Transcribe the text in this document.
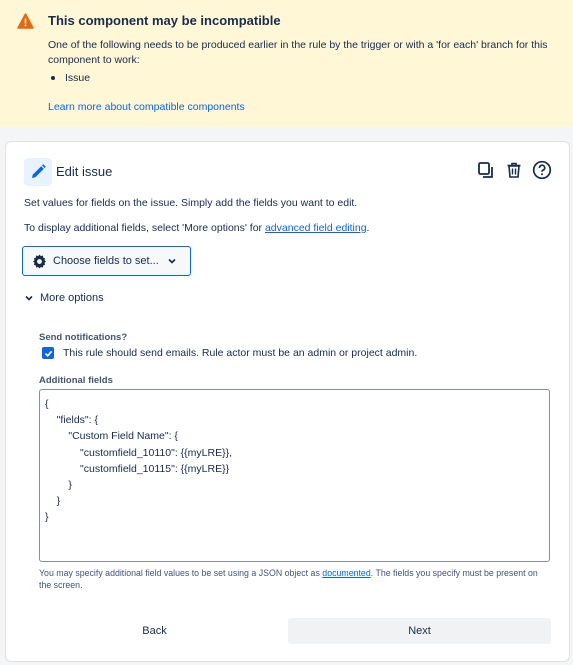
This component may be incompatible
One of the following needs to be produced earlier in the rule by the trigger or with a 'for each' branch for this component to work:
Issue
Learn more about compatible components
Edit issue
Set values for fields on the issue. Simply add the fields you want to edit.
To display additional fields, select 'More options' for advanced field editing.
Choose fields to set...
More options
Send notifications?
This rule should send emails. Rule actor must be an admin or project admin.
Additional fields
{
"fields": {
"Custom Field Name": {
"customfield_10110": {{myLRE}},
"customfield_10115": {{myLRE}}
}
}
}
You may specify additional field values to be set using a JSON object as documented. The fields you specify must be present on the screen.
Back	Next
